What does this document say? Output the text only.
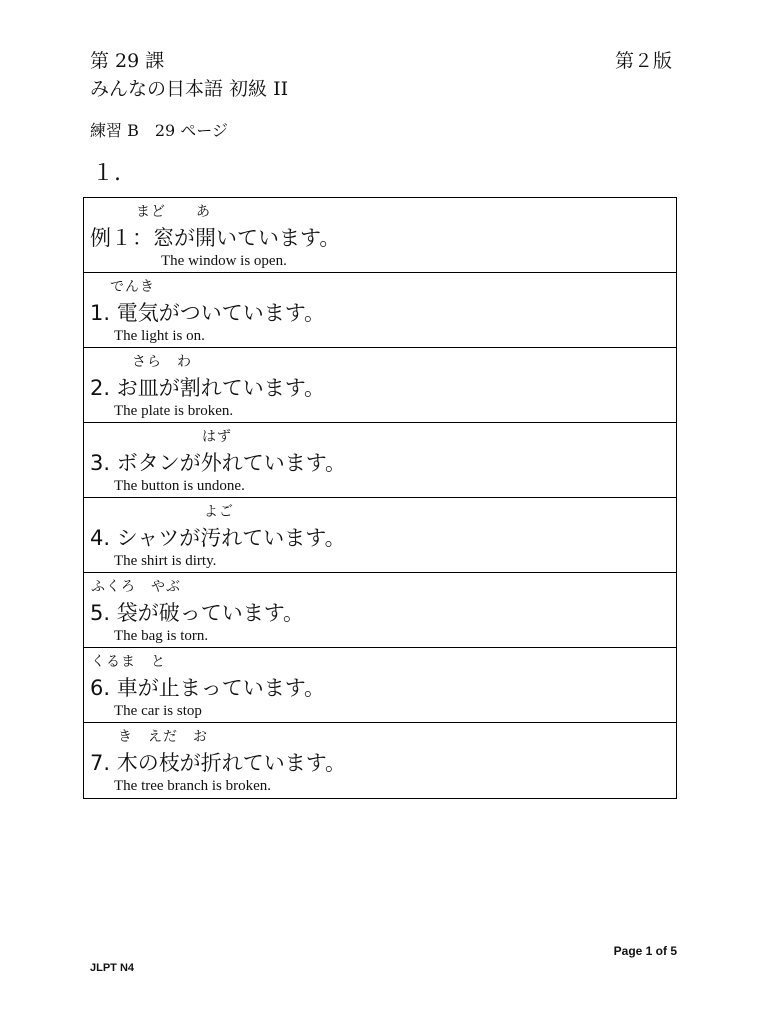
第 29 課	第２版
みんなの日本語 初級 II
練習 B　29 ページ
１.
まど　　あ
例１：窓が開いています。
The window is open.
でんき
1. 電気がついています。
The light is on.
さら　わ
2. お皿が割れています。
The plate is broken.
はず
3. ボタンが外れています。
The button is undone.
よご
4. シャツが汚れています。
The shirt is dirty.
ふくろ　やぶ
5. 袋が破っています。
The bag is torn.
くるま　と
6. 車が止まっています。
The car is stop
き　えだ　お
7. 木の枝が折れています。
The tree branch is broken.
Page 1 of 5
JLPT N4
